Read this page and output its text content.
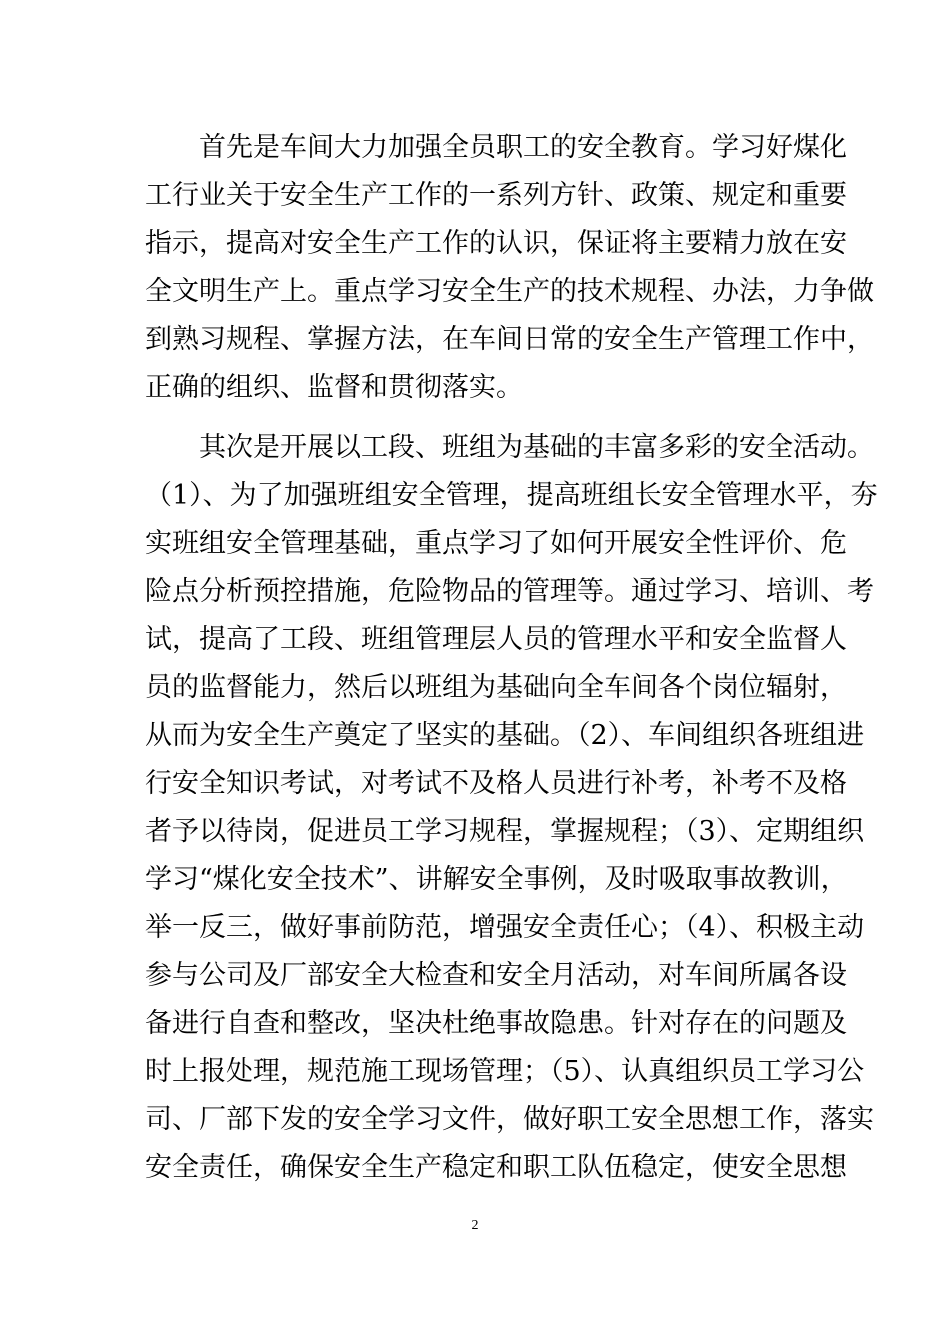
首先是车间大力加强全员职工的安全教育。学习好煤化
工行业关于安全生产工作的一系列方针、政策、规定和重要
指示，提高对安全生产工作的认识，保证将主要精力放在安
全文明生产上。重点学习安全生产的技术规程、办法，力争做
到熟习规程、掌握方法，在车间日常的安全生产管理工作中，
正确的组织、监督和贯彻落实。
其次是开展以工段、班组为基础的丰富多彩的安全活动。
（1）、为了加强班组安全管理，提高班组长安全管理水平，夯
实班组安全管理基础，重点学习了如何开展安全性评价、危
险点分析预控措施，危险物品的管理等。通过学习、培训、考
试，提高了工段、班组管理层人员的管理水平和安全监督人
员的监督能力，然后以班组为基础向全车间各个岗位辐射，
从而为安全生产奠定了坚实的基础。（2）、车间组织各班组进
行安全知识考试，对考试不及格人员进行补考，补考不及格
者予以待岗，促进员工学习规程，掌握规程；（3）、定期组织
学习“煤化安全技术”、讲解安全事例，及时吸取事故教训，
举一反三，做好事前防范，增强安全责任心；（4）、积极主动
参与公司及厂部安全大检查和安全月活动，对车间所属各设
备进行自查和整改，坚决杜绝事故隐患。针对存在的问题及
时上报处理，规范施工现场管理；（5）、认真组织员工学习公
司、厂部下发的安全学习文件，做好职工安全思想工作，落实
安全责任，确保安全生产稳定和职工队伍稳定，使安全思想
2
